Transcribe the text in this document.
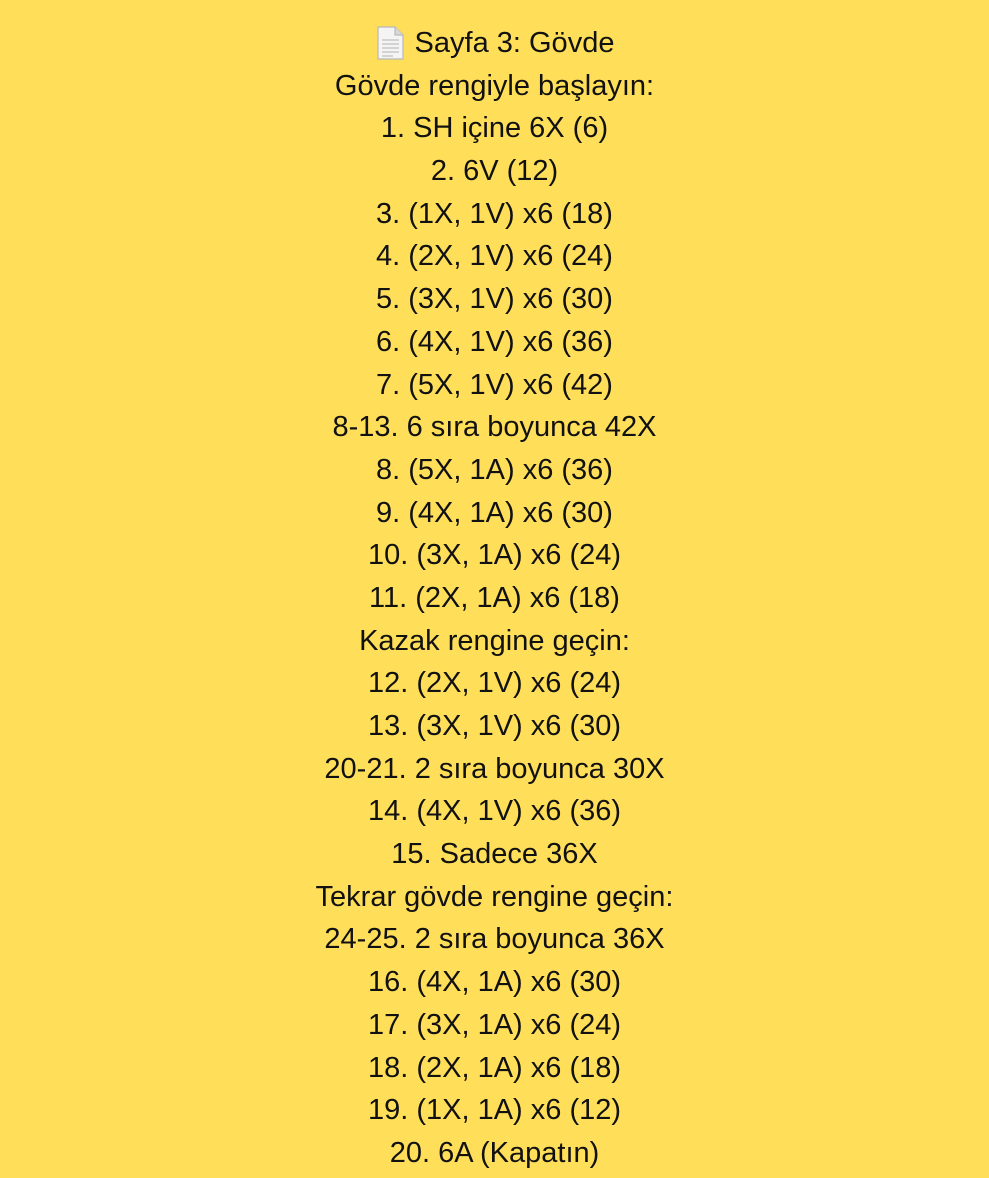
Sayfa 3: Gövde
Gövde rengiyle başlayın:
1. SH içine 6X (6)
2. 6V (12)
3. (1X, 1V) x6 (18)
4. (2X, 1V) x6 (24)
5. (3X, 1V) x6 (30)
6. (4X, 1V) x6 (36)
7. (5X, 1V) x6 (42)
8-13. 6 sıra boyunca 42X
8. (5X, 1A) x6 (36)
9. (4X, 1A) x6 (30)
10. (3X, 1A) x6 (24)
11. (2X, 1A) x6 (18)
Kazak rengine geçin:
12. (2X, 1V) x6 (24)
13. (3X, 1V) x6 (30)
20-21. 2 sıra boyunca 30X
14. (4X, 1V) x6 (36)
15. Sadece 36X
Tekrar gövde rengine geçin:
24-25. 2 sıra boyunca 36X
16. (4X, 1A) x6 (30)
17. (3X, 1A) x6 (24)
18. (2X, 1A) x6 (18)
19. (1X, 1A) x6 (12)
20. 6A (Kapatın)
